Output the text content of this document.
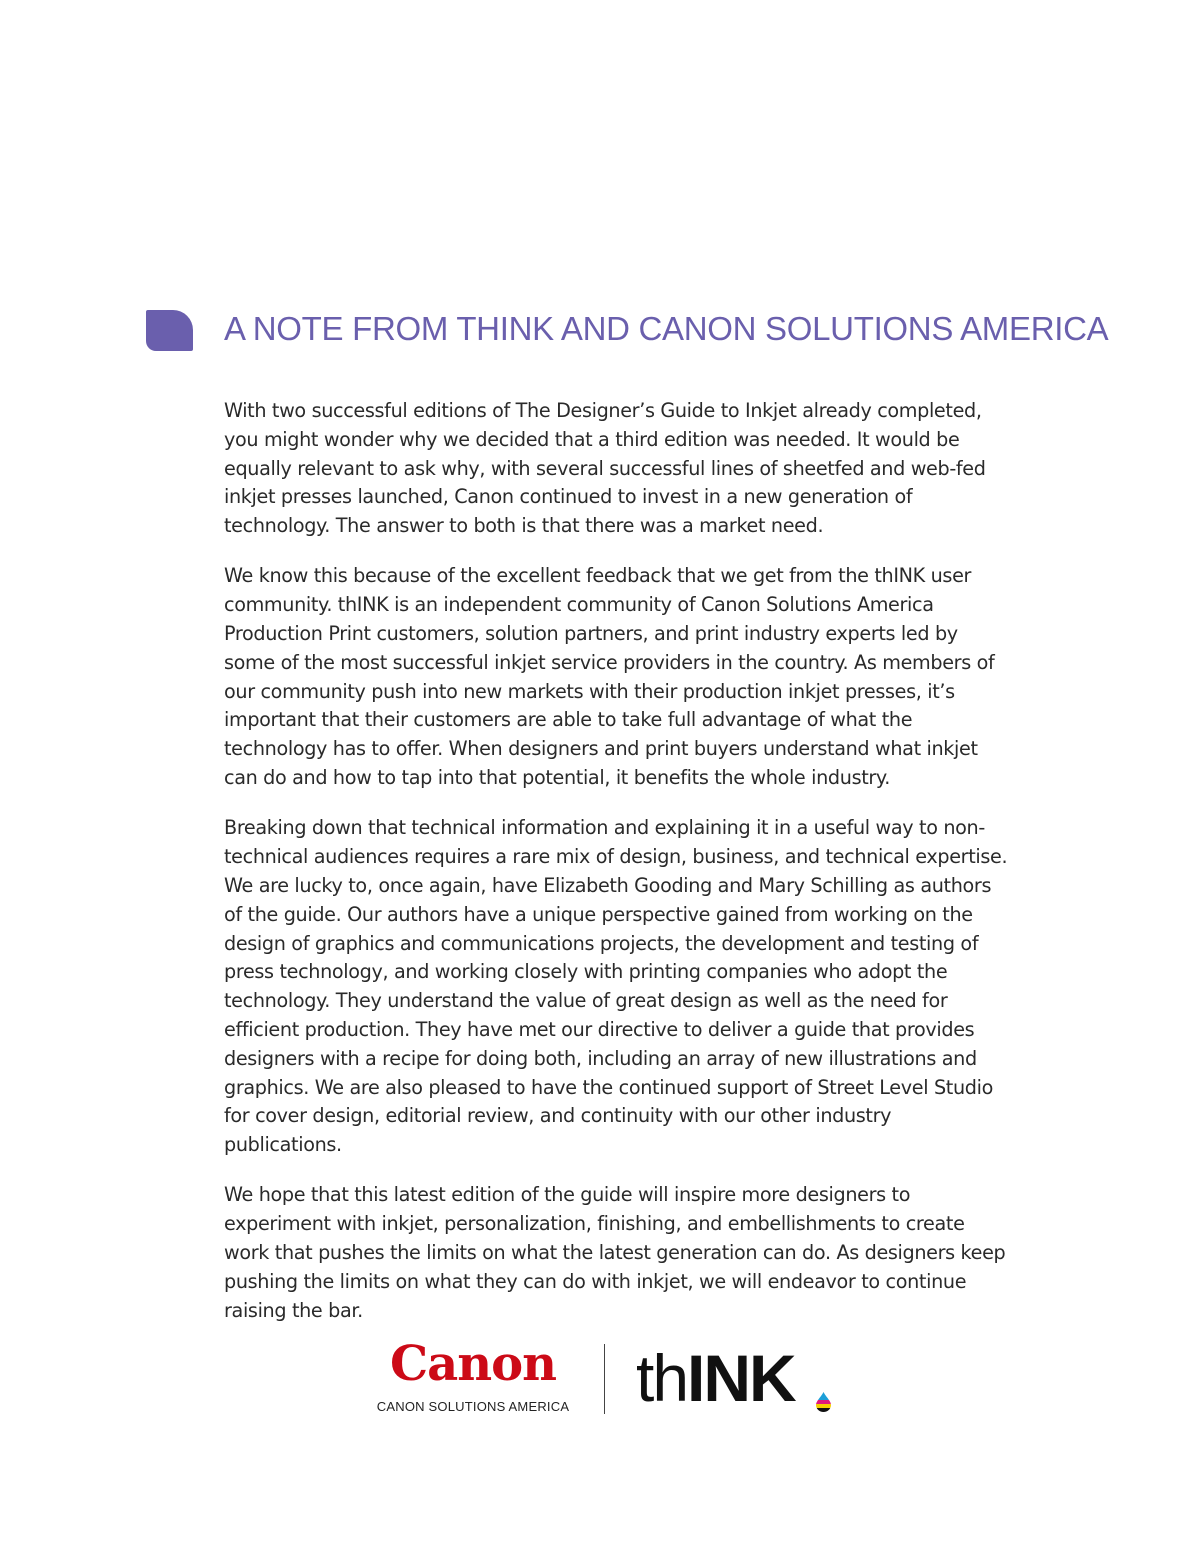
A NOTE FROM THINK AND CANON SOLUTIONS AMERICA

With two successful editions of The Designer’s Guide to Inkjet already completed, you might wonder why we decided that a third edition was needed. It would be equally relevant to ask why, with several successful lines of sheetfed and web-fed inkjet presses launched, Canon continued to invest in a new generation of technology. The answer to both is that there was a market need.

We know this because of the excellent feedback that we get from the thINK user community. thINK is an independent community of Canon Solutions America Production Print customers, solution partners, and print industry experts led by some of the most successful inkjet service providers in the country. As members of our community push into new markets with their production inkjet presses, it’s important that their customers are able to take full advantage of what the technology has to offer. When designers and print buyers understand what inkjet can do and how to tap into that potential, it benefits the whole industry.

Breaking down that technical information and explaining it in a useful way to non-technical audiences requires a rare mix of design, business, and technical expertise. We are lucky to, once again, have Elizabeth Gooding and Mary Schilling as authors of the guide. Our authors have a unique perspective gained from working on the design of graphics and communications projects, the development and testing of press technology, and working closely with printing companies who adopt the technology. They understand the value of great design as well as the need for efficient production. They have met our directive to deliver a guide that provides designers with a recipe for doing both, including an array of new illustrations and graphics. We are also pleased to have the continued support of Street Level Studio for cover design, editorial review, and continuity with our other industry publications.

We hope that this latest edition of the guide will inspire more designers to experiment with inkjet, personalization, finishing, and embellishments to create work that pushes the limits on what the latest generation can do. As designers keep pushing the limits on what they can do with inkjet, we will endeavor to continue raising the bar.

Canon
CANON SOLUTIONS AMERICA thINK
